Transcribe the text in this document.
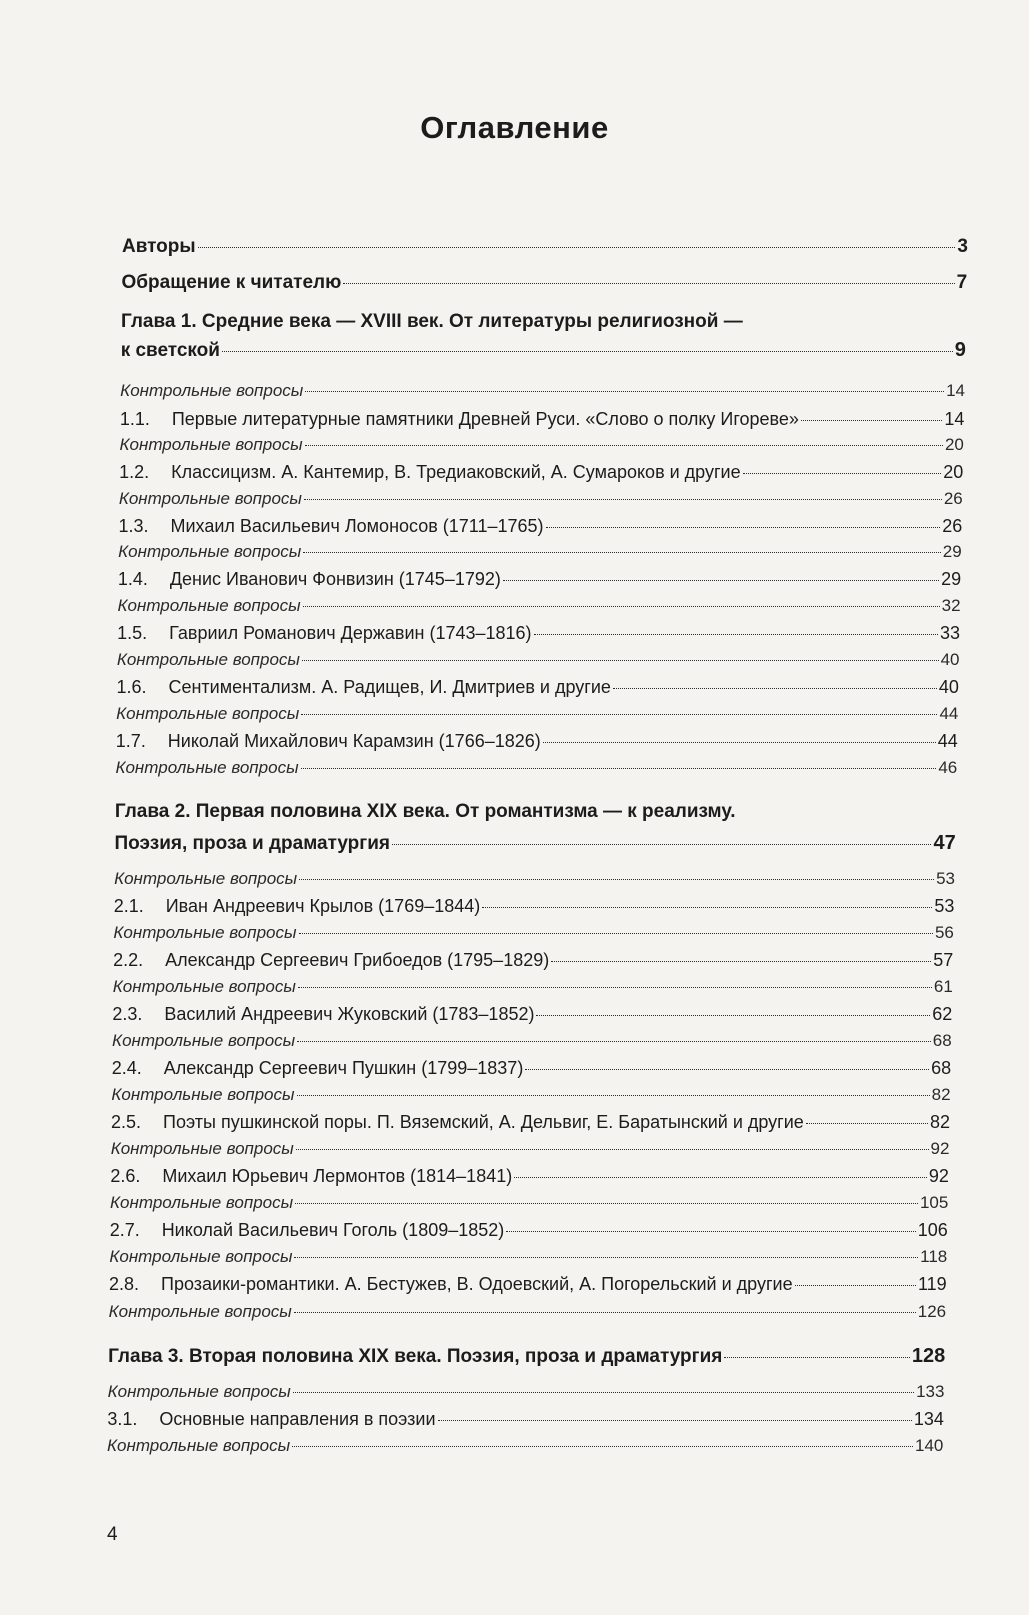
Оглавление
Авторы	3
Обращение к читателю	7
Глава 1. Средние века — XVIII век. От литературы религиозной —
к светской	9
Контрольные вопросы	14
1.1.	Первые литературные памятники Древней Руси. «Слово о полку Игореве»	14
Контрольные вопросы	20
1.2.	Классицизм. А. Кантемир, В. Тредиаковский, А. Сумароков и другие	20
Контрольные вопросы	26
1.3.	Михаил Васильевич Ломоносов (1711–1765)	26
Контрольные вопросы	29
1.4.	Денис Иванович Фонвизин (1745–1792)	29
Контрольные вопросы	32
1.5.	Гавриил Романович Державин (1743–1816)	33
Контрольные вопросы	40
1.6.	Сентиментализм. А. Радищев, И. Дмитриев и другие	40
Контрольные вопросы	44
1.7.	Николай Михайлович Карамзин (1766–1826)	44
Контрольные вопросы	46
Глава 2. Первая половина XIX века. От романтизма — к реализму.
Поэзия, проза и драматургия	47
Контрольные вопросы	53
2.1.	Иван Андреевич Крылов (1769–1844)	53
Контрольные вопросы	56
2.2.	Александр Сергеевич Грибоедов (1795–1829)	57
Контрольные вопросы	61
2.3.	Василий Андреевич Жуковский (1783–1852)	62
Контрольные вопросы	68
2.4.	Александр Сергеевич Пушкин (1799–1837)	68
Контрольные вопросы	82
2.5.	Поэты пушкинской поры. П. Вяземский, А. Дельвиг, Е. Баратынский и другие	82
Контрольные вопросы	92
2.6.	Михаил Юрьевич Лермонтов (1814–1841)	92
Контрольные вопросы	105
2.7.	Николай Васильевич Гоголь (1809–1852)	106
Контрольные вопросы	118
2.8.	Прозаики-романтики. А. Бестужев, В. Одоевский, А. Погорельский и другие	119
Контрольные вопросы	126
Глава 3. Вторая половина XIX века. Поэзия, проза и драматургия	128
Контрольные вопросы	133
3.1.	Основные направления в поэзии	134
Контрольные вопросы	140
4
